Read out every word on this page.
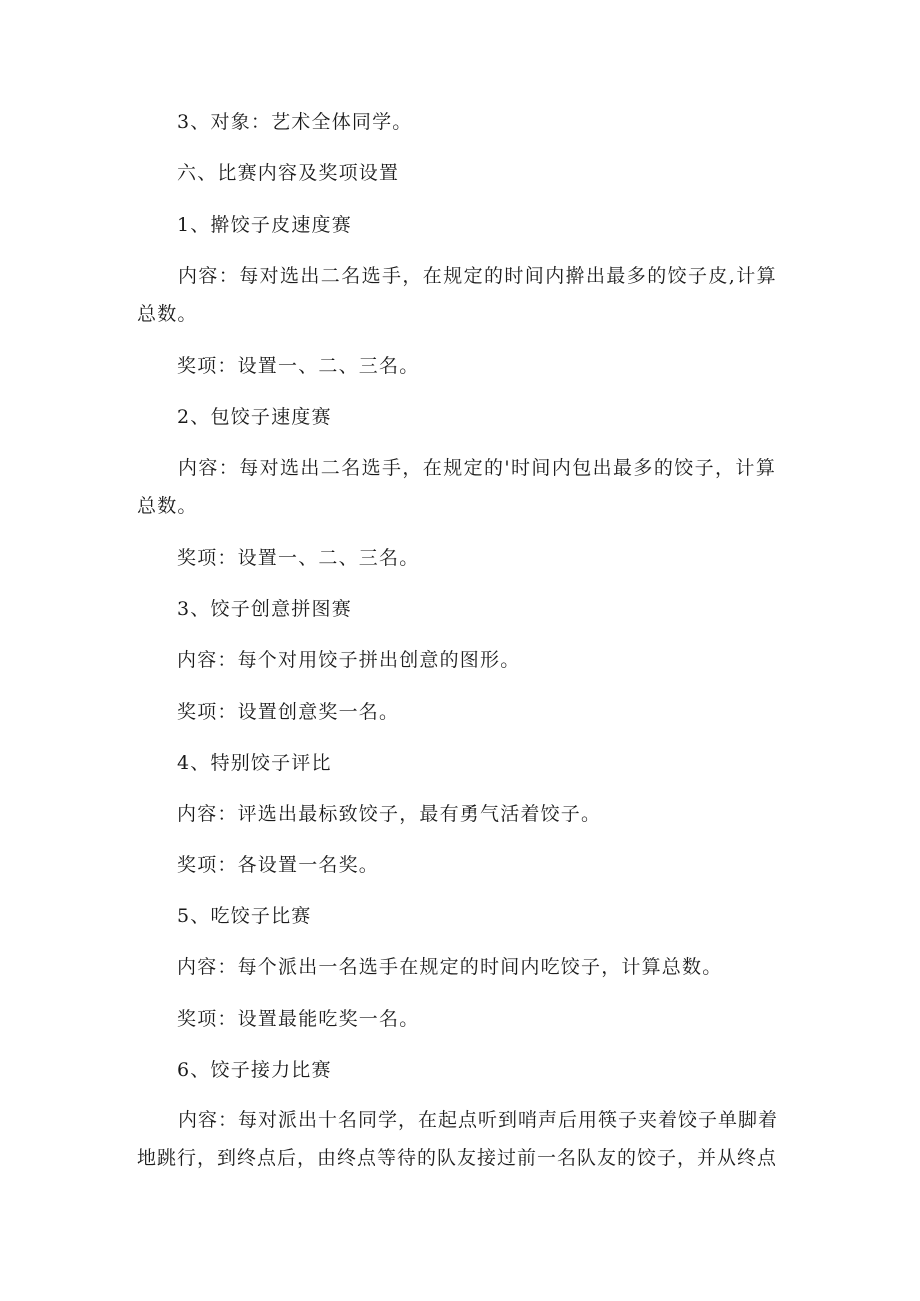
3、对象：艺术全体同学。
六、比赛内容及奖项设置
1、擀饺子皮速度赛
内容：每对选出二名选手，在规定的时间内擀出最多的饺子皮,计算
总数。
奖项：设置一、二、三名。
2、包饺子速度赛
内容：每对选出二名选手，在规定的'时间内包出最多的饺子，计算
总数。
奖项：设置一、二、三名。
3、饺子创意拼图赛
内容：每个对用饺子拼出创意的图形。
奖项：设置创意奖一名。
4、特别饺子评比
内容：评选出最标致饺子，最有勇气活着饺子。
奖项：各设置一名奖。
5、吃饺子比赛
内容：每个派出一名选手在规定的时间内吃饺子，计算总数。
奖项：设置最能吃奖一名。
6、饺子接力比赛
内容：每对派出十名同学，在起点听到哨声后用筷子夹着饺子单脚着
地跳行，到终点后，由终点等待的队友接过前一名队友的饺子，并从终点
